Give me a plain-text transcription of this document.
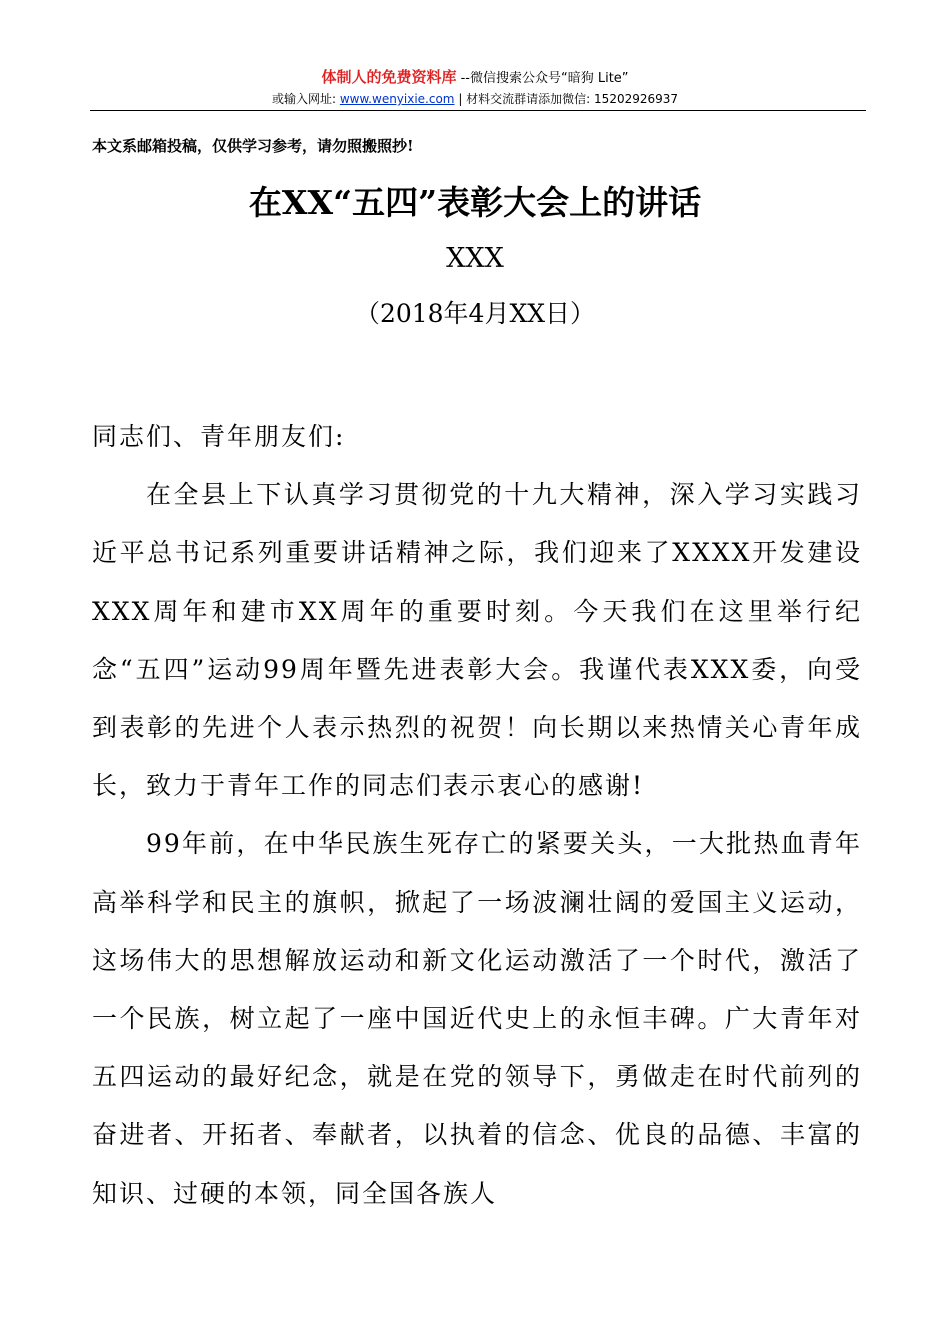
体制人的免费资料库 --微信搜索公众号“暗狗 Lite”
或输入网址: www.wenyixie.com | 材料交流群请添加微信: 15202926937
本文系邮箱投稿，仅供学习参考，请勿照搬照抄!
在XX“五四”表彰大会上的讲话
XXX
（2018年4月XX日）

同志们、青年朋友们:

在全县上下认真学习贯彻党的十九大精神，深入学习实践习近平总书记系列重要讲话精神之际，我们迎来了XXXX开发建设XXX周年和建市XX周年的重要时刻。今天我们在这里举行纪念“五四”运动99周年暨先进表彰大会。我谨代表XXX委，向受到表彰的先进个人表示热烈的祝贺！向长期以来热情关心青年成长，致力于青年工作的同志们表示衷心的感谢!

99年前，在中华民族生死存亡的紧要关头，一大批热血青年高举科学和民主的旗帜，掀起了一场波澜壮阔的爱国主义运动，这场伟大的思想解放运动和新文化运动激活了一个时代，激活了一个民族，树立起了一座中国近代史上的永恒丰碑。广大青年对五四运动的最好纪念，就是在党的领导下，勇做走在时代前列的奋进者、开拓者、奉献者，以执着的信念、优良的品德、丰富的知识、过硬的本领，同全国各族人
